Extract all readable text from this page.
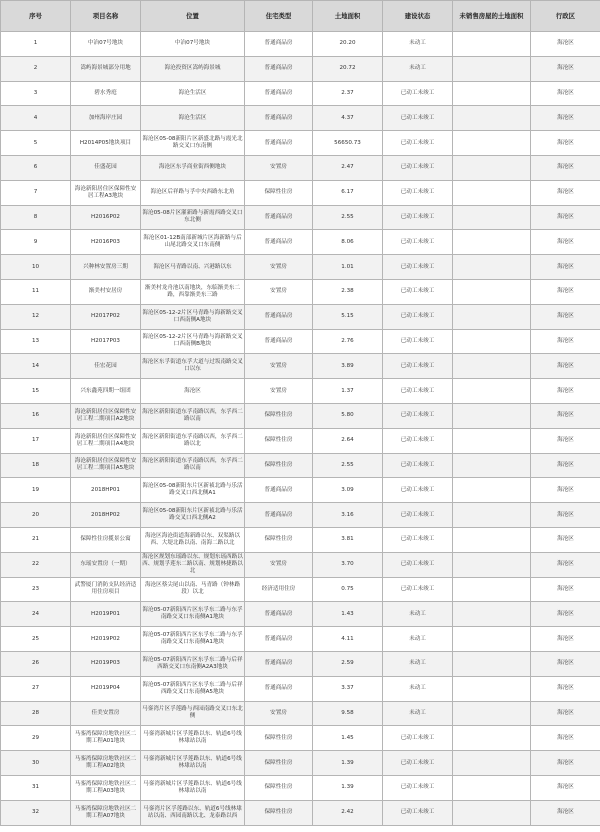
序号	项目名称	位置	住宅类型	土地面积	建设状态	未销售房屋的土地面积	行政区
1	中冶07号地块	中冶07号地块	普通商品房	20.20	未动工		海沧区
2	嵩屿海景城部分用地	海沧投资区嵩屿海景城	普通商品房	20.72	未动工		海沧区
3	碧水秀庭	海沧生活区	普通商品房	2.37	已动工未竣工		海沧区
4	加州海岸庄园	海沧生活区	普通商品房	4.37	已动工未竣工		海沧区
5	H2014P05地块项目	海沧区05-08新阳片区新盛北路与霞光北路交叉口东南侧	普通商品房	56650.73	已动工未竣工		海沧区
6	佳盛花园	海沧区东孚商业街西侧地块	安置房	2.47	已动工未竣工		海沧区
7	海沧新阳居住区保障性安居工程A3地块	海沧区后祥路与孚中央西路东北角	保障性住房	6.17	已动工未竣工		海沧区
8	H2016P02	海沧05-08片区灌新路与新霞西路交叉口东北侧	普通商品房	2.55	已动工未竣工		海沧区
9	H2016P03	海沧区01-12B南部新城片区海新路与后山尾北路交叉口东南侧	普通商品房	8.06	已动工未竣工		海沧区
10	兴种林安置房三期	海沧区马青路以南、兴港路以东	安置房	1.01	已动工未竣工		海沧区
11	渐美村安居房	渐美村龙舟池以南地块，东临渐美东二路，西靠渐美东三路	安置房	2.38	已动工未竣工		海沧区
12	H2017P02	海沧区05-12-2片区马青路与海新路交叉口西南侧A地块	普通商品房	5.15	已动工未竣工		海沧区
13	H2017P03	海沧区05-12-2片区马青路与海新路交叉口西南侧B地块	普通商品房	2.76	已动工未竣工		海沧区
14	佳宏花园	海沧区东孚街道东孚大道与过坂南路交叉口以东	安置房	3.89	已动工未竣工		海沧区
15	兴东鑫苑四期一组团	海沧区	安置房	1.37	已动工未竣工		海沧区
16	海沧新阳居住区保障性安居工程二期项目A2地块	海沧区新阳街道东孚南路以西，东孚西二路以南	保障性住房	5.80	已动工未竣工		海沧区
17	海沧新阳居住区保障性安居工程二期项目A4地块	海沧区新阳街道东孚南路以西，东孚西二路以北	保障性住房	2.64	已动工未竣工		海沧区
18	海沧新阳居住区保障性安居工程二期项目A5地块	海沧区新阳街道东孚南路以西，东孚西二路以南	保障性住房	2.55	已动工未竣工		海沧区
19	2018HP01	海沧区05-08新阳东片区新祯北路与乐活路交叉口西北侧A1	普通商品房	3.09	已动工未竣工		海沧区
20	2018HP02	海沧区05-08新阳东片区新祯北路与乐活路交叉口西北侧A2	普通商品房	3.16	已动工未竣工		海沧区
21	保障性住房揽景公寓	海沧区海沧街道海新路以东、双渠路以西、大堤北路以南、南海二路以北	保障性住房	3.81	已动工未竣工		海沧区
22	东瑶安置房（一期）	海沧区规划东瑶路以东、规划东瑶西路以西、规划孚莲东二路以南、规划林捷路以北	安置房	3.70	已动工未竣工		海沧区
23	武警厦门消防支队经济适用住房项目	海沧区蔡尖尾山以南、马青路（钟林路段）以北	经济适用住房	0.75	已动工未竣工		海沧区
24	H2019P01	海沧05-07新阳西片区东孚东二路与东孚南路交叉口东南侧A1地块	普通商品房	1.43	未动工		海沧区
25	H2019P02	海沧05-07新阳西片区东孚东二路与东孚南路交叉口东南侧A1地块	普通商品房	4.11	未动工		海沧区
26	H2019P03	海沧05-07新阳西片区东孚东二路与后祥西路交叉口东南侧A2A3地块	普通商品房	2.59	未动工		海沧区
27	H2019P04	海沧05-07新阳西片区东孚东二路与后祥西路交叉口东南侧A5地块	普通商品房	3.37	未动工		海沧区
28	佳美安置房	马銮湾片区孚莲路与西园南路交叉口东北侧	安置房	9.58	未动工		海沧区
29	马銮湾保障房地铁社区二期工程A01地块	马銮湾新城片区孚莲路以东、轨道6号线林埭站以南	保障性住房	1.45	已动工未竣工		海沧区
30	马銮湾保障房地铁社区二期工程A02地块	马銮湾新城片区孚莲路以东、轨道6号线林埭站以南	保障性住房	1.39	已动工未竣工		海沧区
31	马銮湾保障房地铁社区二期工程A03地块	马銮湾新城片区孚莲路以东、轨道6号线林埭站以南	保障性住房	1.39	已动工未竣工		海沧区
32	马銮湾保障房地铁社区二期工程A07地块	马銮湾片区孚莲路以东、轨道6号线林埭站以南、西园南路以北、龙泰路以西	保障性住房	2.42	已动工未竣工		海沧区
